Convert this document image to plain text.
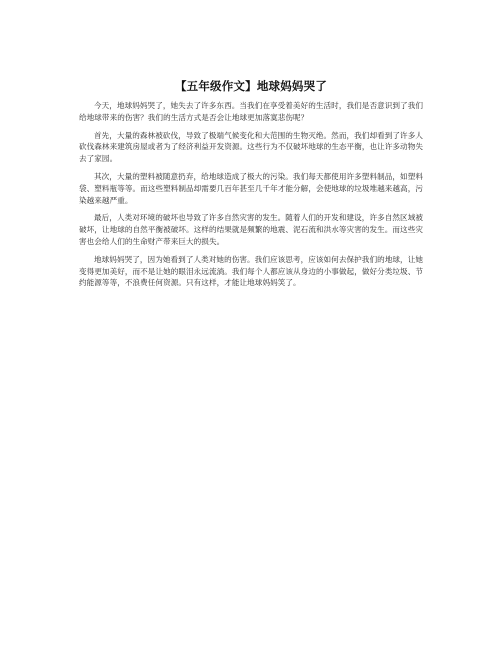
【五年级作文】地球妈妈哭了

今天，地球妈妈哭了，她失去了许多东西。当我们在享受着美好的生活时，我们是否意识到了我们给地球带来的伤害？我们的生活方式是否会让地球更加落寞悲伤呢？

首先，大量的森林被砍伐，导致了极端气候变化和大范围的生物灭绝。然而，我们却看到了许多人砍伐森林来建筑房屋或者为了经济利益开发资源。这些行为不仅破坏地球的生态平衡，也让许多动物失去了家园。

其次，大量的塑料被随意扔弃，给地球造成了极大的污染。我们每天都使用许多塑料制品，如塑料袋、塑料瓶等等。而这些塑料制品却需要几百年甚至几千年才能分解，会使地球的垃圾堆越来越高，污染越来越严重。

最后，人类对环境的破坏也导致了许多自然灾害的发生。随着人们的开发和建设，许多自然区域被破坏，让地球的自然平衡被破坏。这样的结果就是频繁的地震、泥石流和洪水等灾害的发生。而这些灾害也会给人们的生命财产带来巨大的损失。

地球妈妈哭了，因为她看到了人类对她的伤害。我们应该思考，应该如何去保护我们的地球，让她变得更加美好，而不是让她的眼泪永远流淌。我们每个人都应该从身边的小事做起，做好分类垃圾、节约能源等等，不浪费任何资源。只有这样，才能让地球妈妈笑了。
